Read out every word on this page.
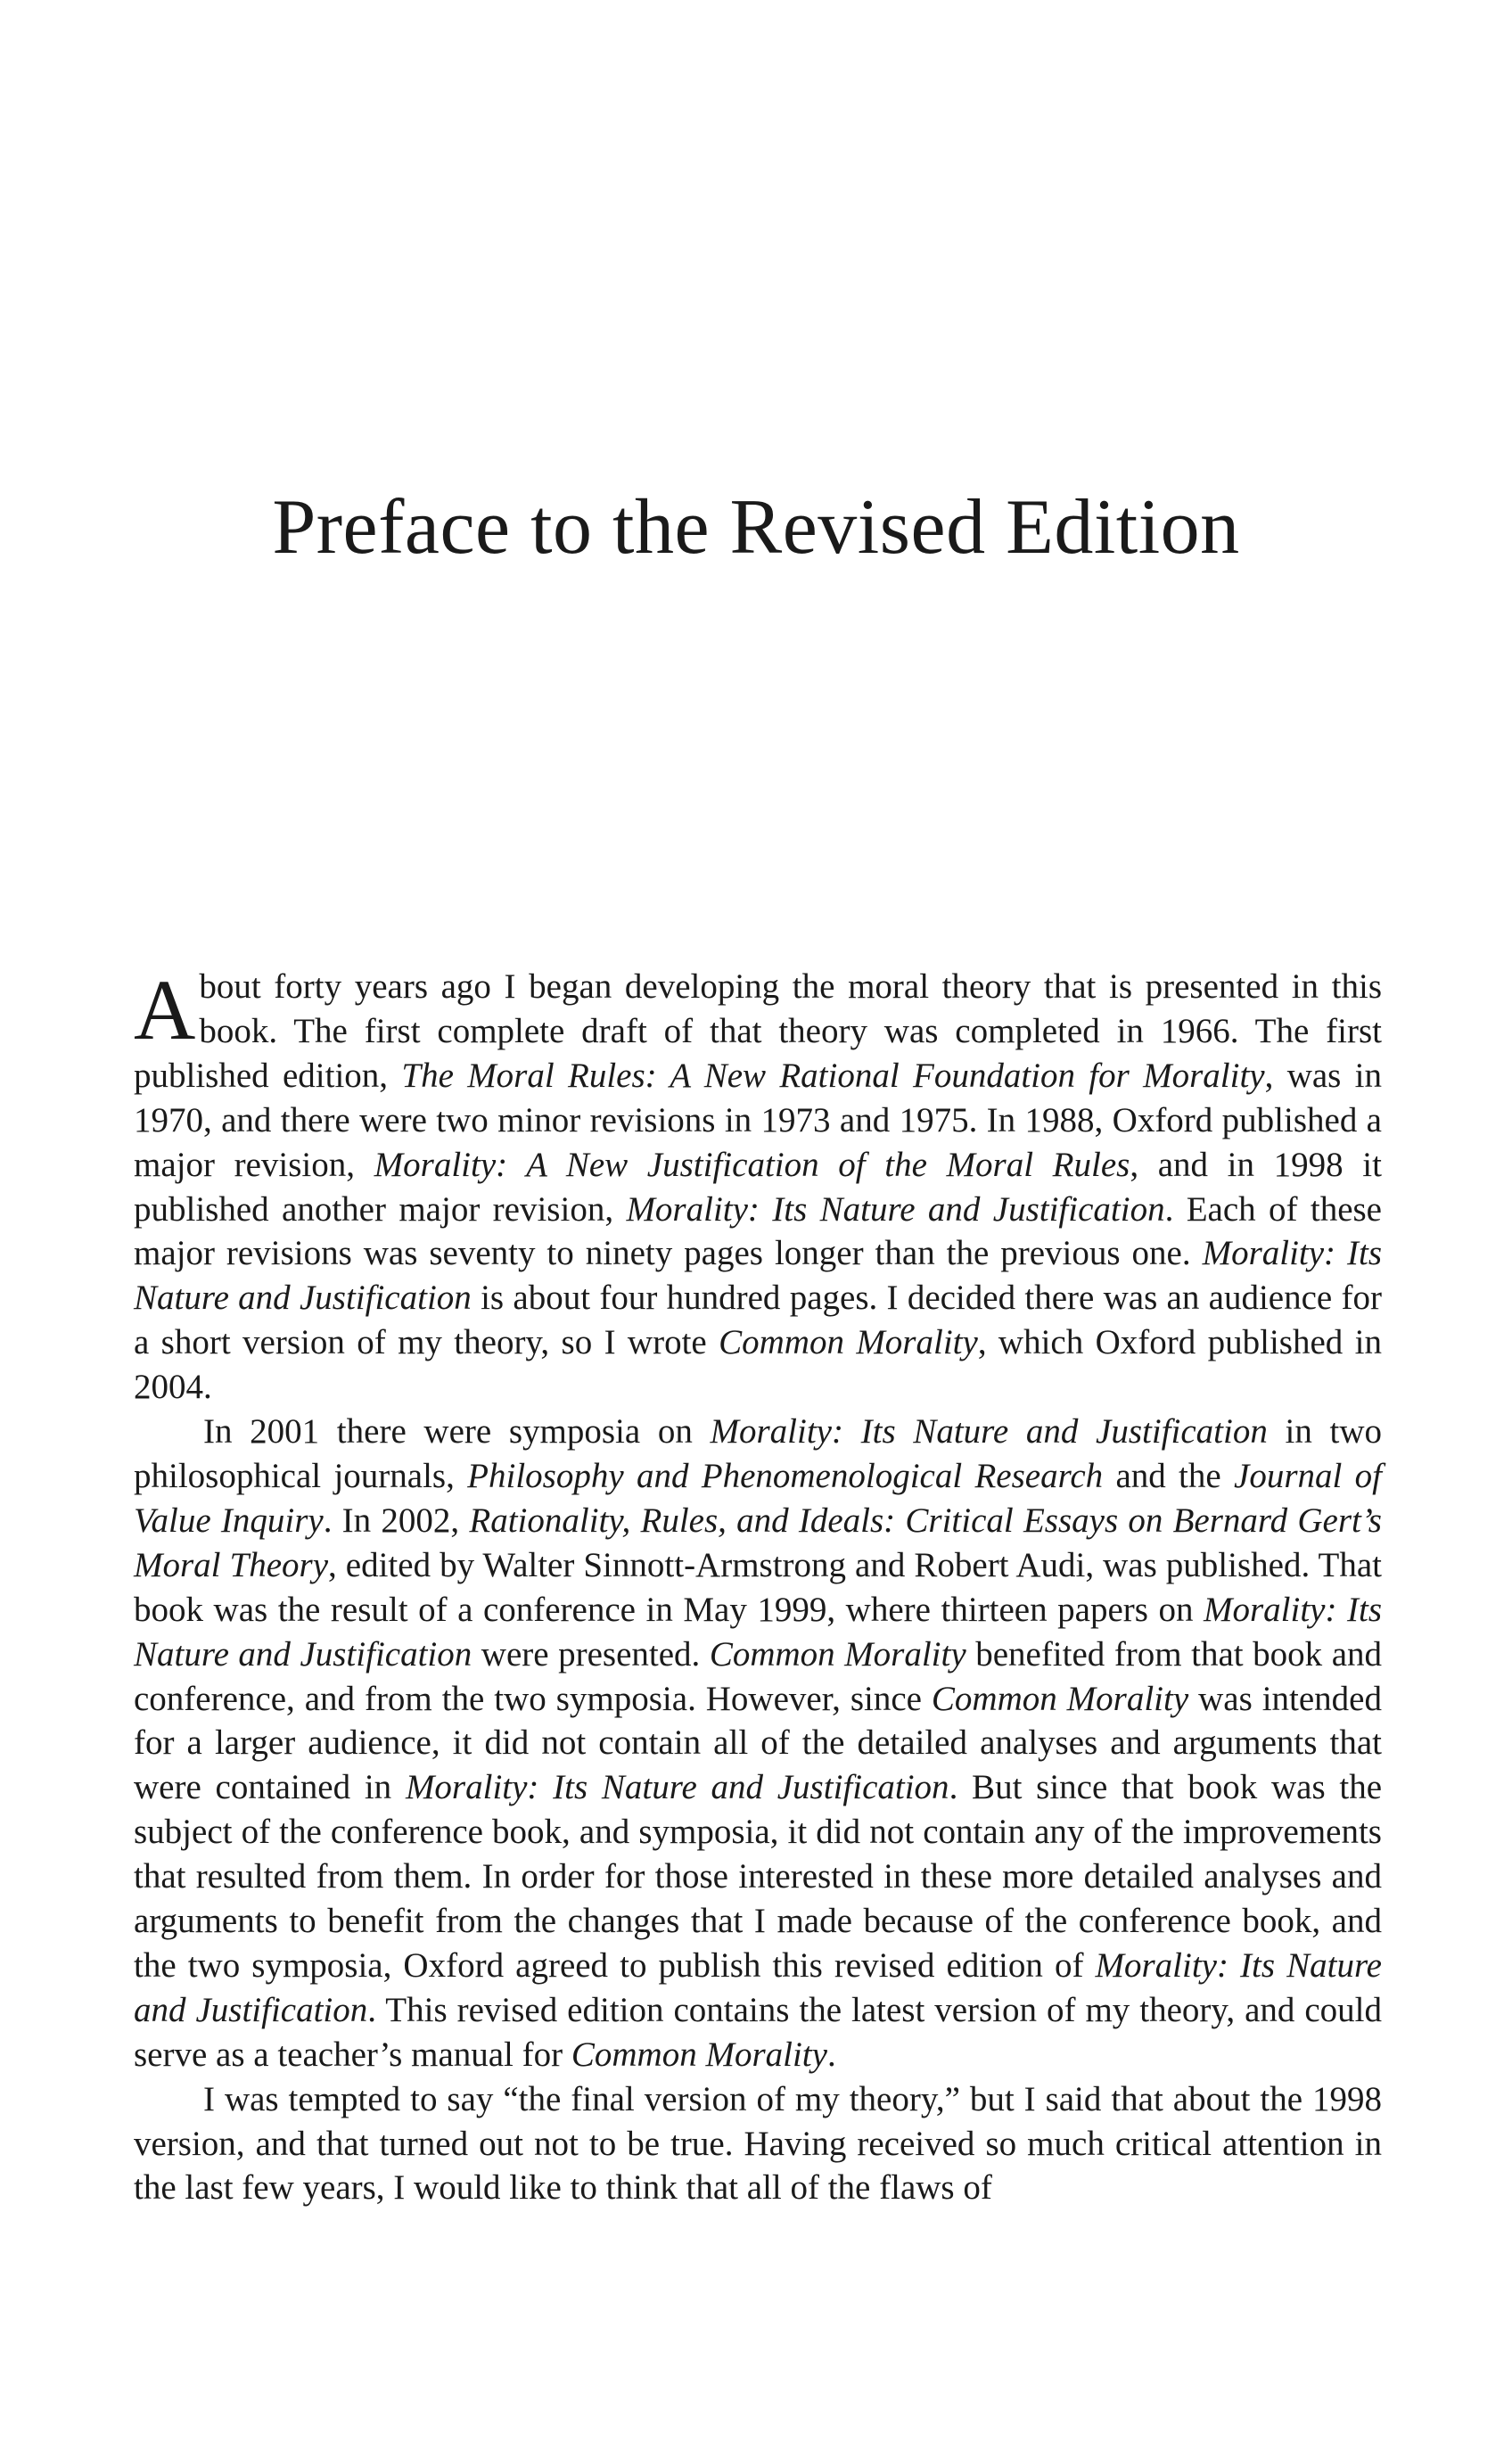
Preface to the Revised Edition

About forty years ago I began developing the moral theory that is presented in this book. The first complete draft of that theory was completed in 1966. The first published edition, The Moral Rules: A New Rational Foundation for Morality, was in 1970, and there were two minor revisions in 1973 and 1975. In 1988, Oxford published a major revision, Morality: A New Justification of the Moral Rules, and in 1998 it published another major revision, Morality: Its Nature and Justification. Each of these major revisions was seventy to ninety pages longer than the previous one. Morality: Its Nature and Justification is about four hundred pages. I decided there was an audience for a short version of my theory, so I wrote Common Morality, which Oxford published in 2004.

In 2001 there were symposia on Morality: Its Nature and Justification in two philosophical journals, Philosophy and Phenomenological Research and the Journal of Value Inquiry. In 2002, Rationality, Rules, and Ideals: Critical Essays on Bernard Gert’s Moral Theory, edited by Walter Sinnott-Armstrong and Robert Audi, was published. That book was the result of a conference in May 1999, where thirteen papers on Morality: Its Nature and Justification were presented. Common Morality benefited from that book and conference, and from the two symposia. However, since Common Morality was intended for a larger audience, it did not contain all of the detailed analyses and arguments that were contained in Morality: Its Nature and Justification. But since that book was the subject of the conference book, and symposia, it did not contain any of the improvements that resulted from them. In order for those interested in these more detailed analyses and arguments to benefit from the changes that I made because of the conference book, and the two symposia, Oxford agreed to publish this revised edition of Morality: Its Nature and Justification. This revised edition contains the latest version of my theory, and could serve as a teacher’s manual for Common Morality.

I was tempted to say “the final version of my theory,” but I said that about the 1998 version, and that turned out not to be true. Having received so much critical attention in the last few years, I would like to think that all of the flaws of
